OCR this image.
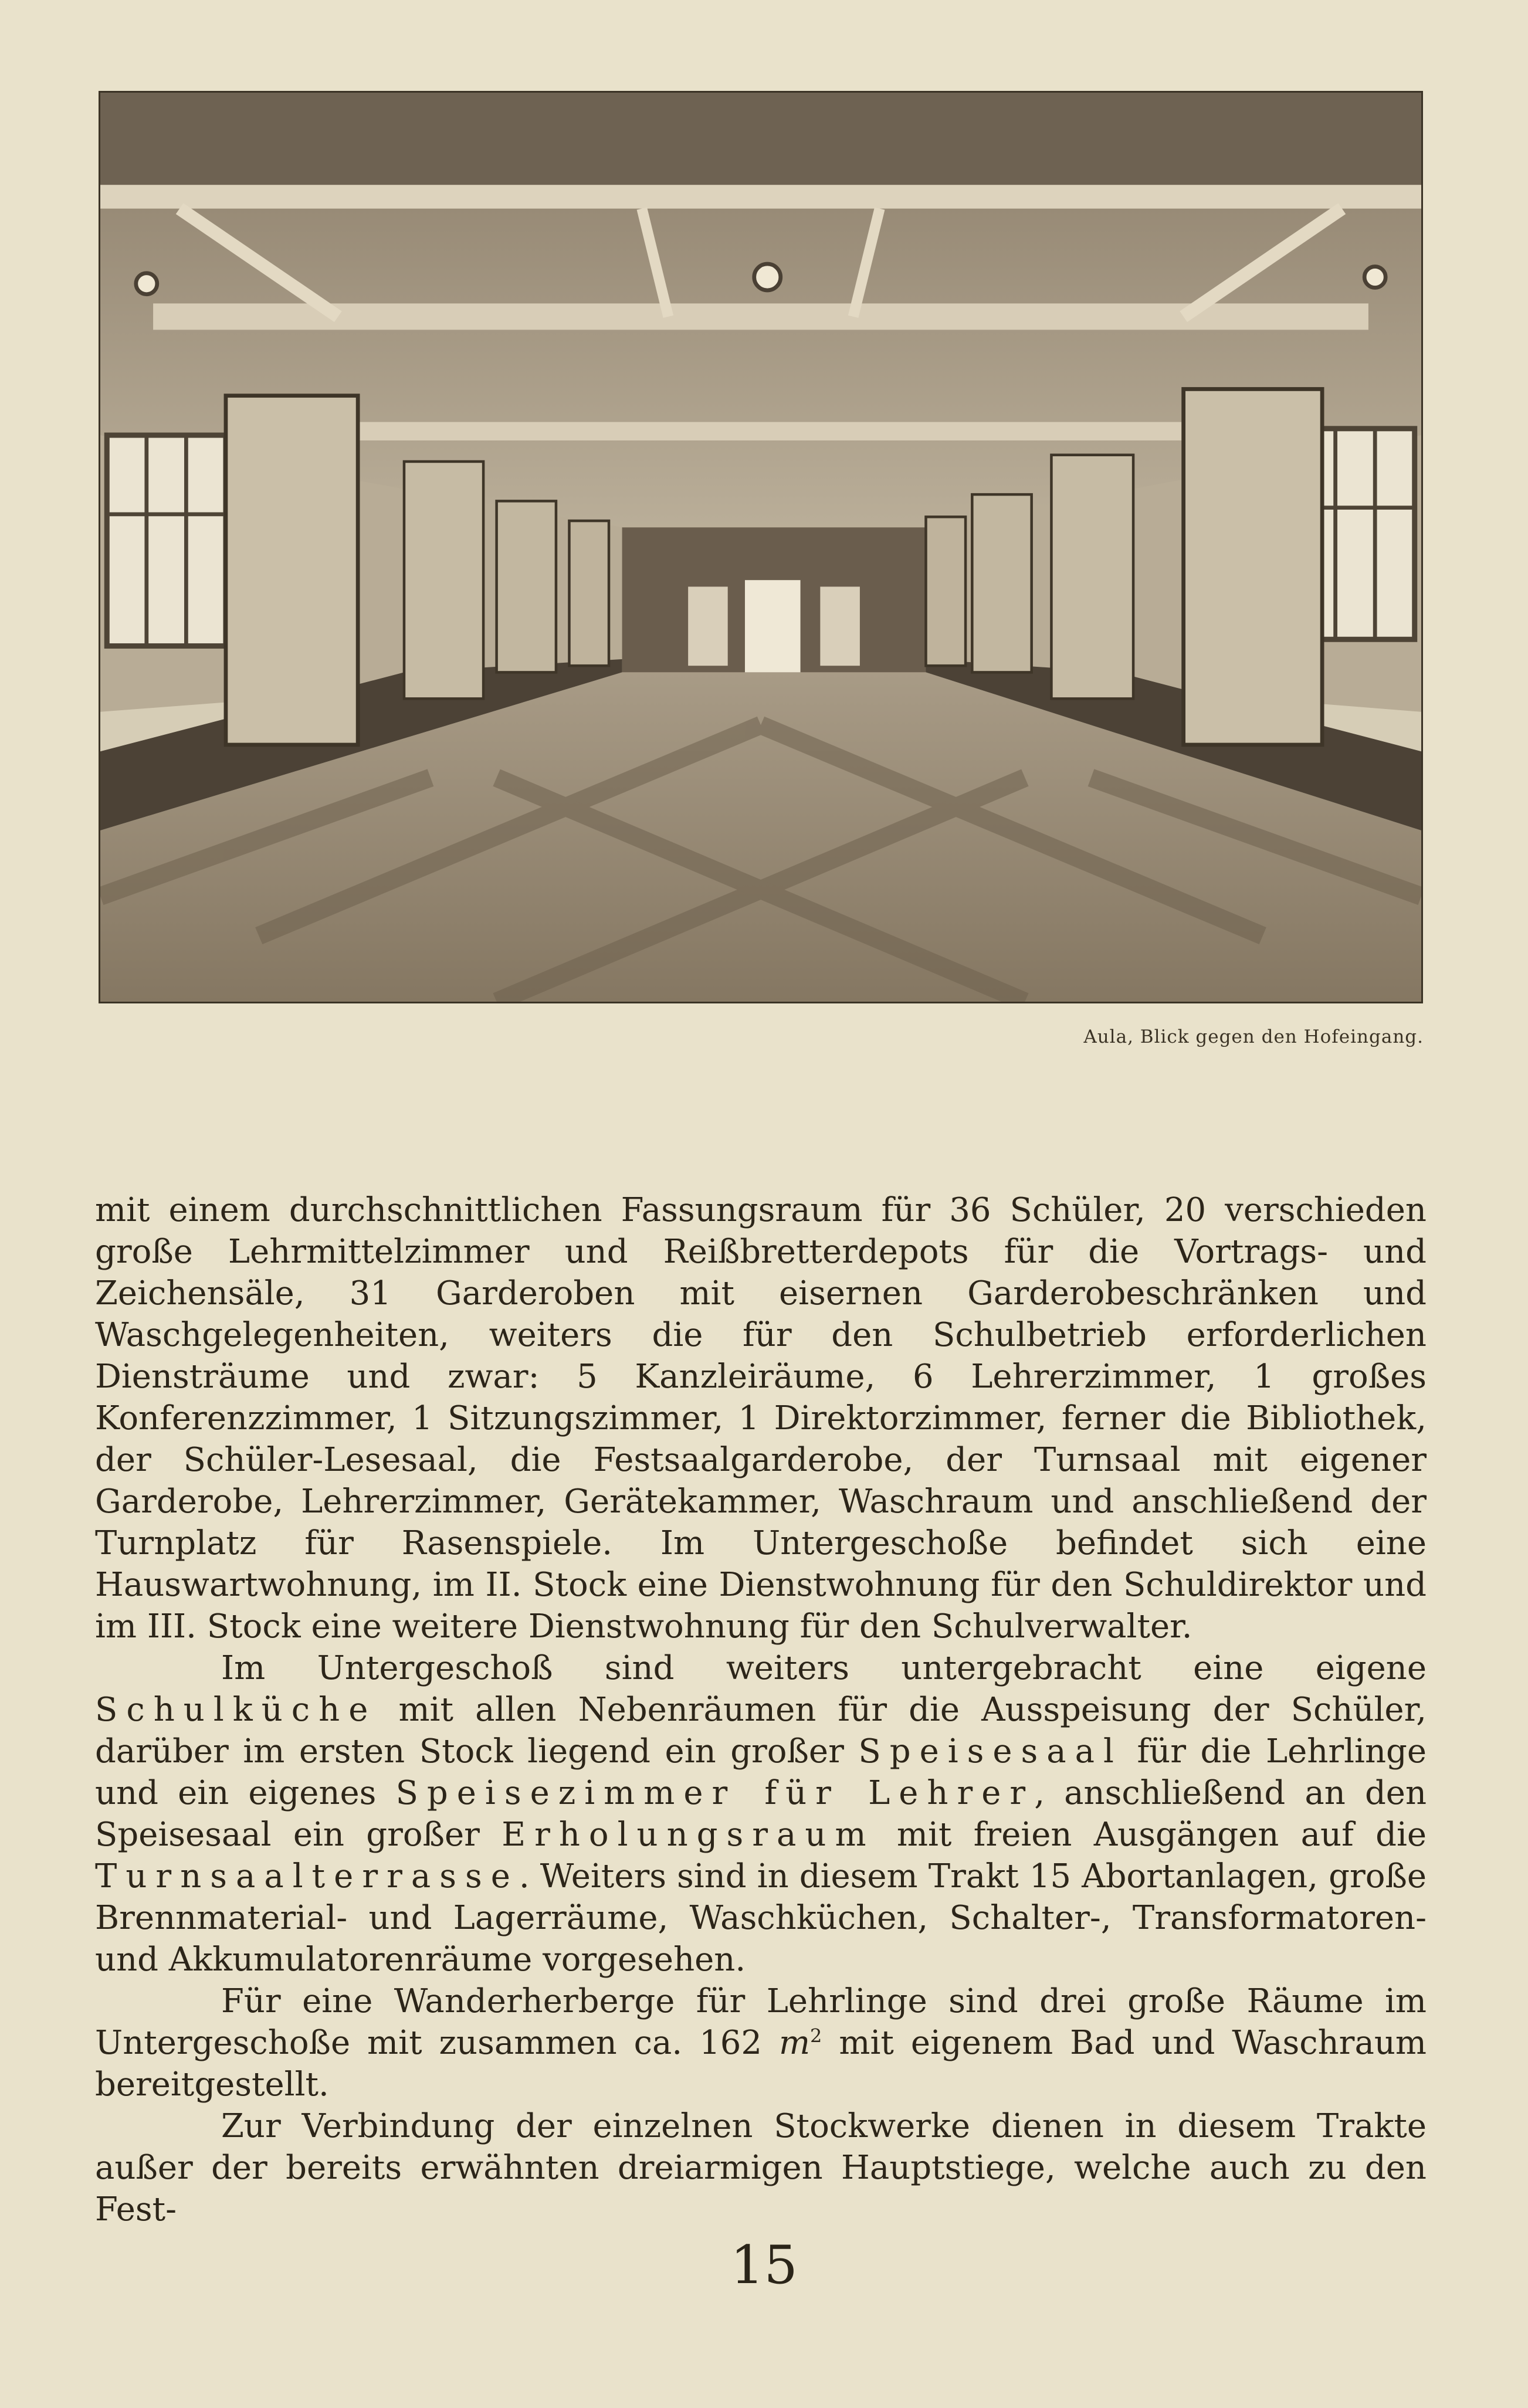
Aula, Blick gegen den Hofeingang.

mit einem durchschnittlichen Fassungsraum für 36 Schüler, 20 verschieden große Lehrmittelzimmer und Reißbretterdepots für die Vortrags- und Zeichensäle, 31 Garderoben mit eisernen Garderobeschränken und Waschgelegenheiten, weiters die für den Schulbetrieb erforderlichen Diensträume und zwar: 5 Kanzleiräume, 6 Lehrerzimmer, 1 großes Konferenzzimmer, 1 Sitzungszimmer, 1 Direktorzimmer, ferner die Bibliothek, der Schüler-Lesesaal, die Festsaalgarderobe, der Turnsaal mit eigener Garderobe, Lehrerzimmer, Gerätekammer, Waschraum und anschließend der Turnplatz für Rasenspiele. Im Untergeschoße befindet sich eine Hauswartwohnung, im II. Stock eine Dienstwohnung für den Schuldirektor und im III. Stock eine weitere Dienstwohnung für den Schulverwalter.

Im Untergeschoß sind weiters untergebracht eine eigene Schulküche mit allen Nebenräumen für die Ausspeisung der Schüler, darüber im ersten Stock liegend ein großer Speisesaal für die Lehrlinge und ein eigenes Speisezimmer für Lehrer, anschließend an den Speisesaal ein großer Erholungsraum mit freien Ausgängen auf die Turnsaalterrasse. Weiters sind in diesem Trakt 15 Abortanlagen, große Brennmaterial- und Lagerräume, Waschküchen, Schalter-, Transformatoren- und Akkumulatorenräume vorgesehen.

Für eine Wanderherberge für Lehrlinge sind drei große Räume im Untergeschoße mit zusammen ca. 162 $m^2$ mit eigenem Bad und Waschraum bereitgestellt.

Zur Verbindung der einzelnen Stockwerke dienen in diesem Trakte außer der bereits erwähnten dreiarmigen Hauptstiege, welche auch zu den Fest-

15
